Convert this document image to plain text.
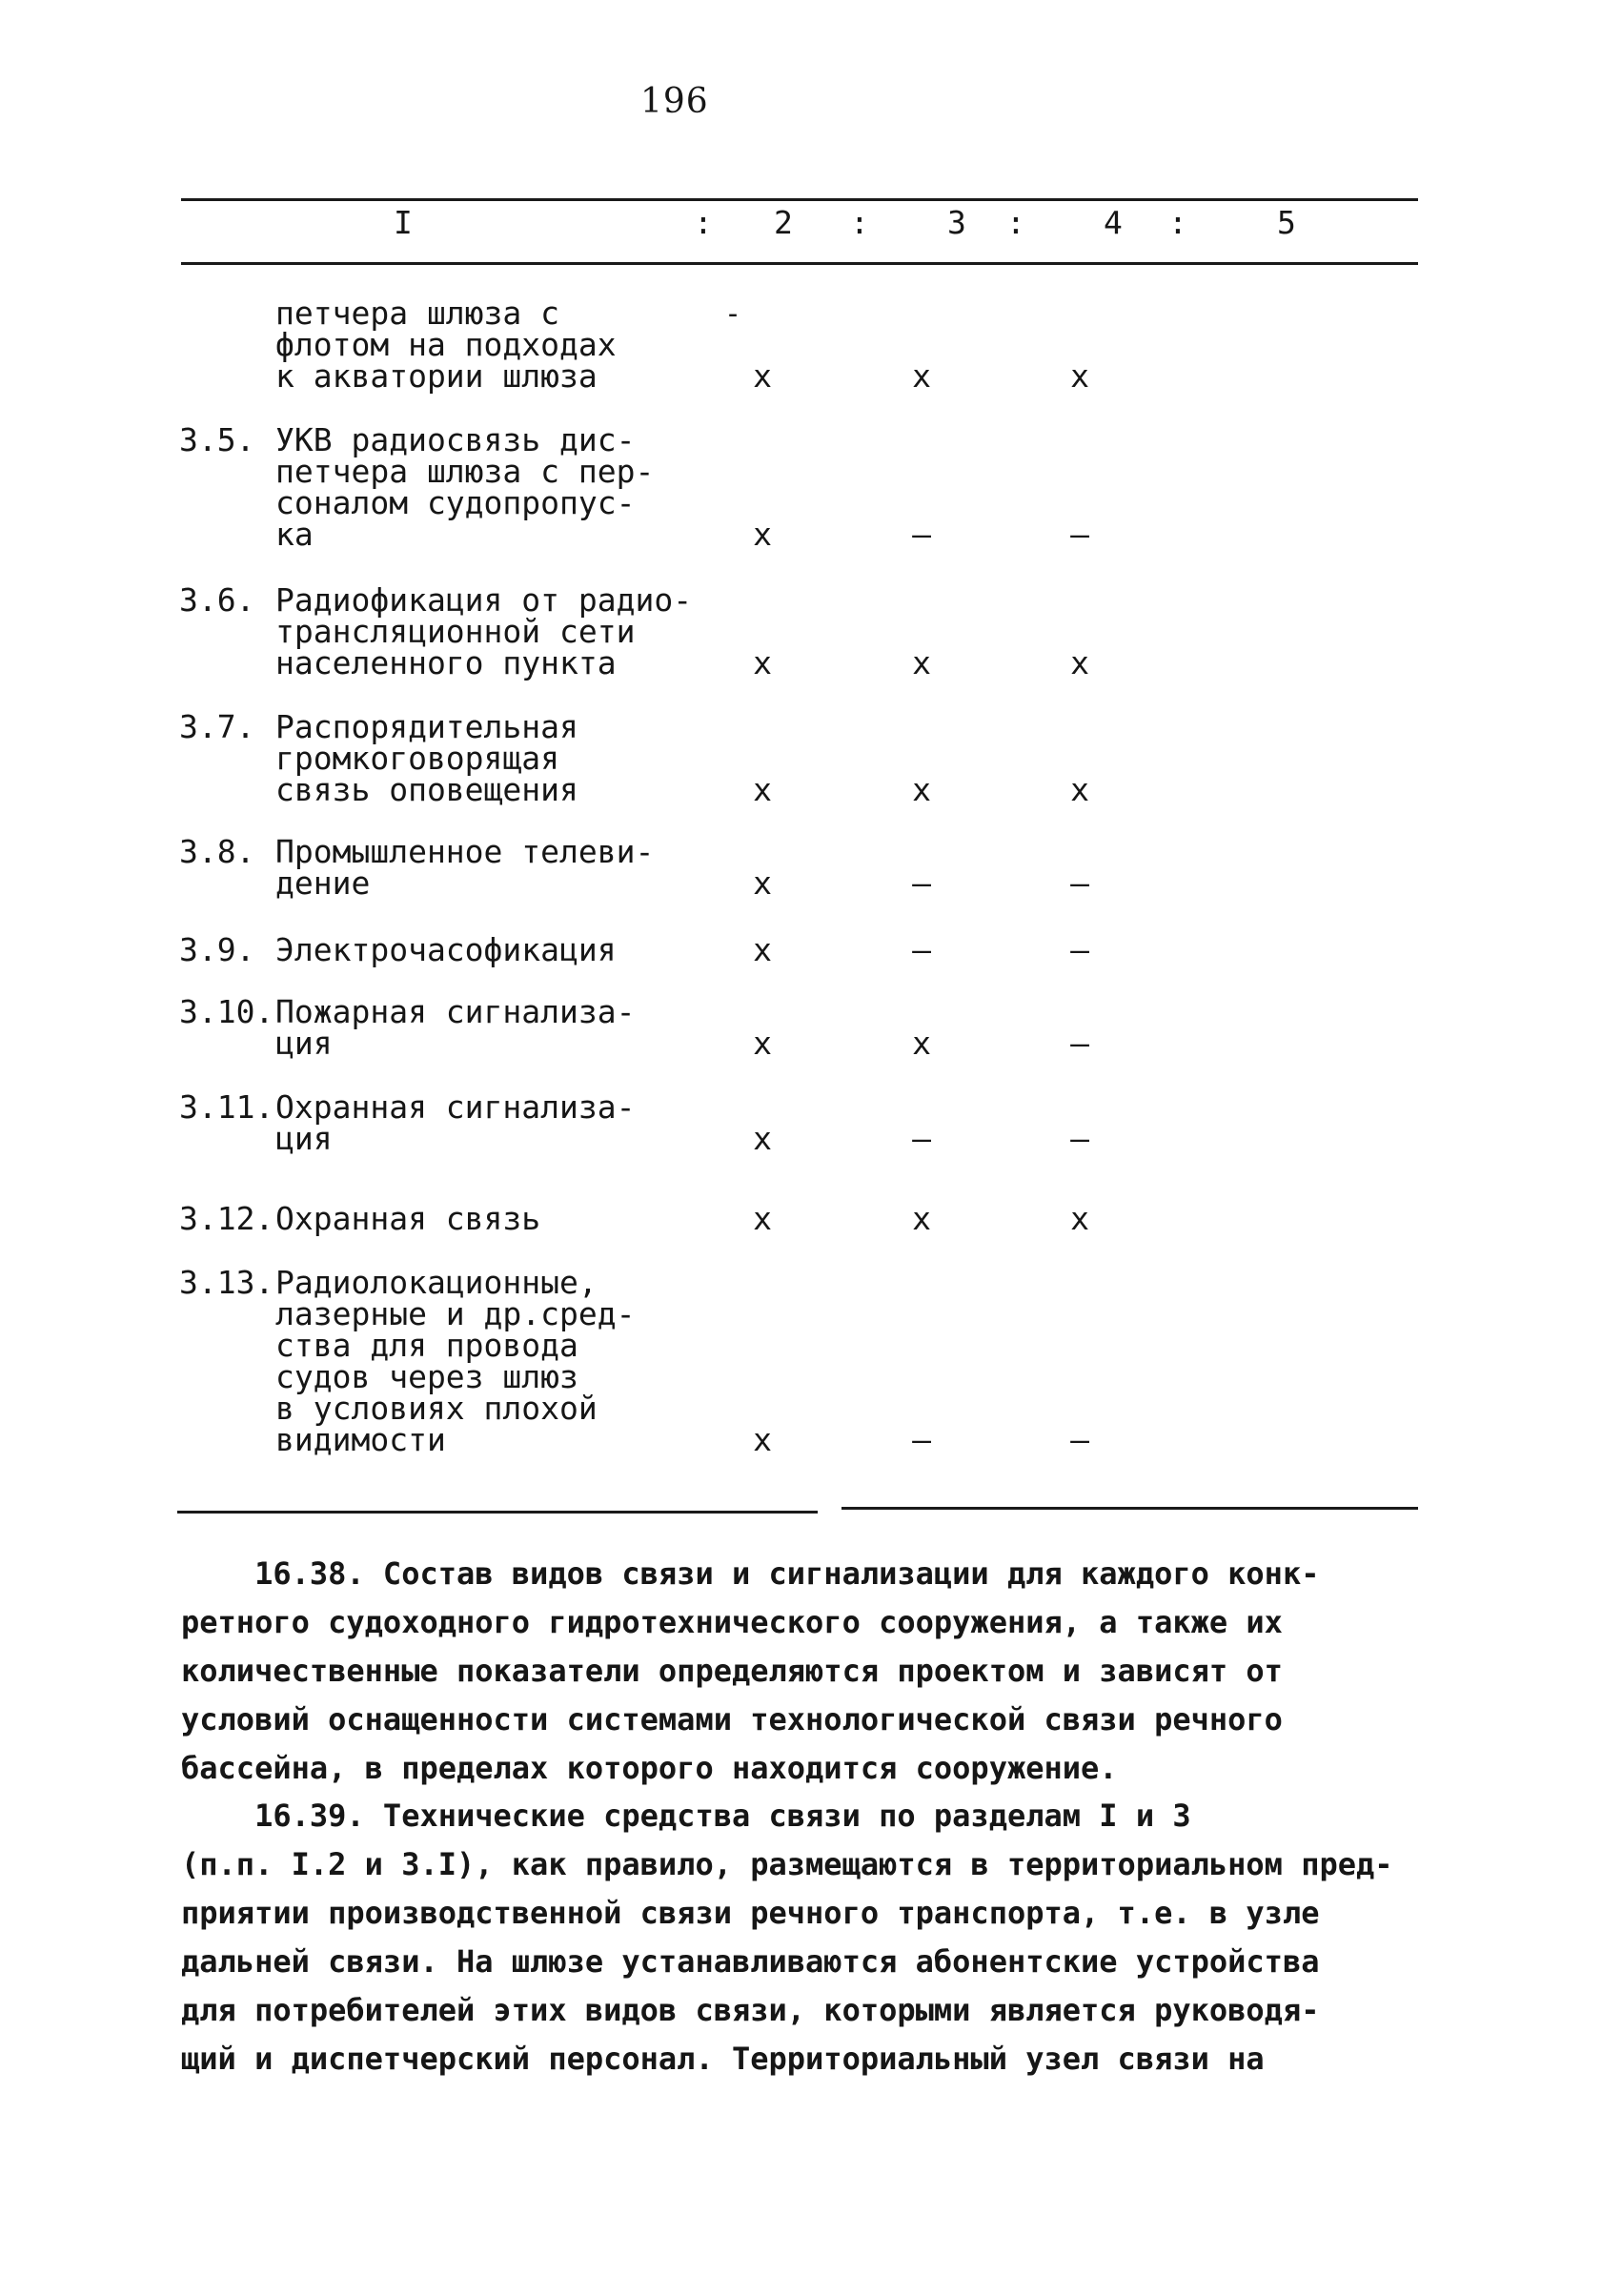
196
I	: 2 : 3 : 4 :	5
-
петчера шлюза с
флотом на подходах
к акватории шлюза	х	х	х
3.5. УКВ радиосвязь дис-
петчера шлюза с пер-
соналом судопропус-
ка	х	–	–
3.6. Радиофикация от радио-
трансляционной сети
населенного пункта	х	х	х
3.7. Распорядительная
громкоговорящая
связь оповещения	х	х	х
3.8. Промышленное телеви-
дение	х	–	–
3.9. Электрочасофикация	х	–	–
3.10. Пожарная сигнализа-
ция	х	х	–
3.11. Охранная сигнализа-
ция	х	–	–
3.12. Охранная связь	х	х	х
3.13. Радиолокационные,
лазерные и др.сред-
ства для провода
судов через шлюз
в условиях плохой
видимости	х	–	–
16.38. Состав видов связи и сигнализации для каждого конк-
ретного судоходного гидротехнического сооружения, а также их
количественные показатели определяются проектом и зависят от
условий оснащенности системами технологической связи речного
бассейна, в пределах которого находится сооружение.
16.39. Технические средства связи по разделам I и 3
(п.п. I.2 и 3.I), как правило, размещаются в территориальном пред-
приятии производственной связи речного транспорта, т.е. в узле
дальней связи. На шлюзе устанавливаются абонентские устройства
для потребителей этих видов связи, которыми является руководя-
щий и диспетчерский персонал. Территориальный узел связи на
